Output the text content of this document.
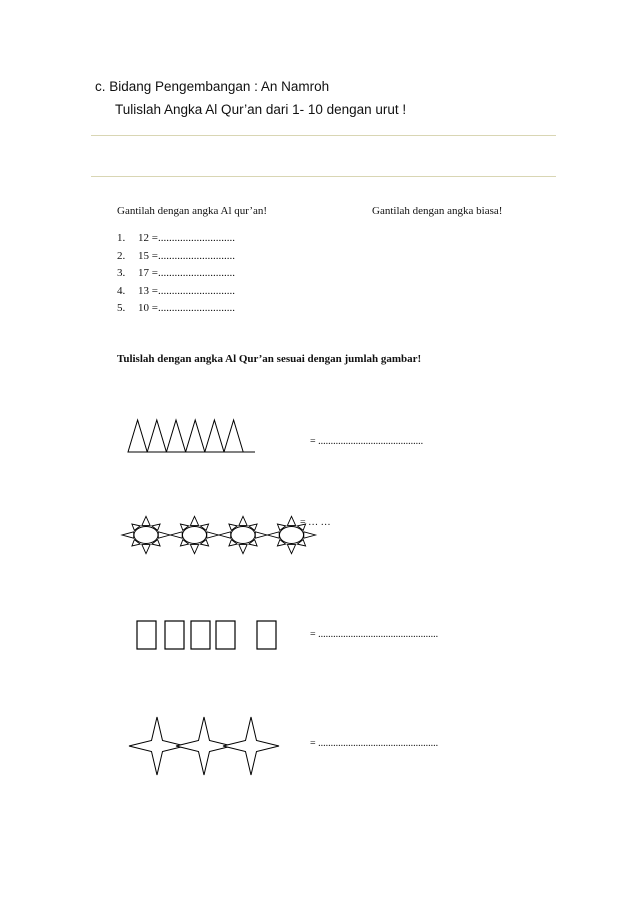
c. Bidang Pengembangan : An Namroh
Tulislah Angka Al Qur’an dari 1- 10 dengan urut !
Gantilah dengan angka Al qur’an!	Gantilah dengan angka biasa!
1. 12 =............................
2. 15 =............................
3. 17 =............................
4. 13 =............................
5. 10 =............................
Tulislah dengan angka Al Qur’an sesuai dengan jumlah gambar!
= ..........................................
= … …
= ................................................
= ................................................
